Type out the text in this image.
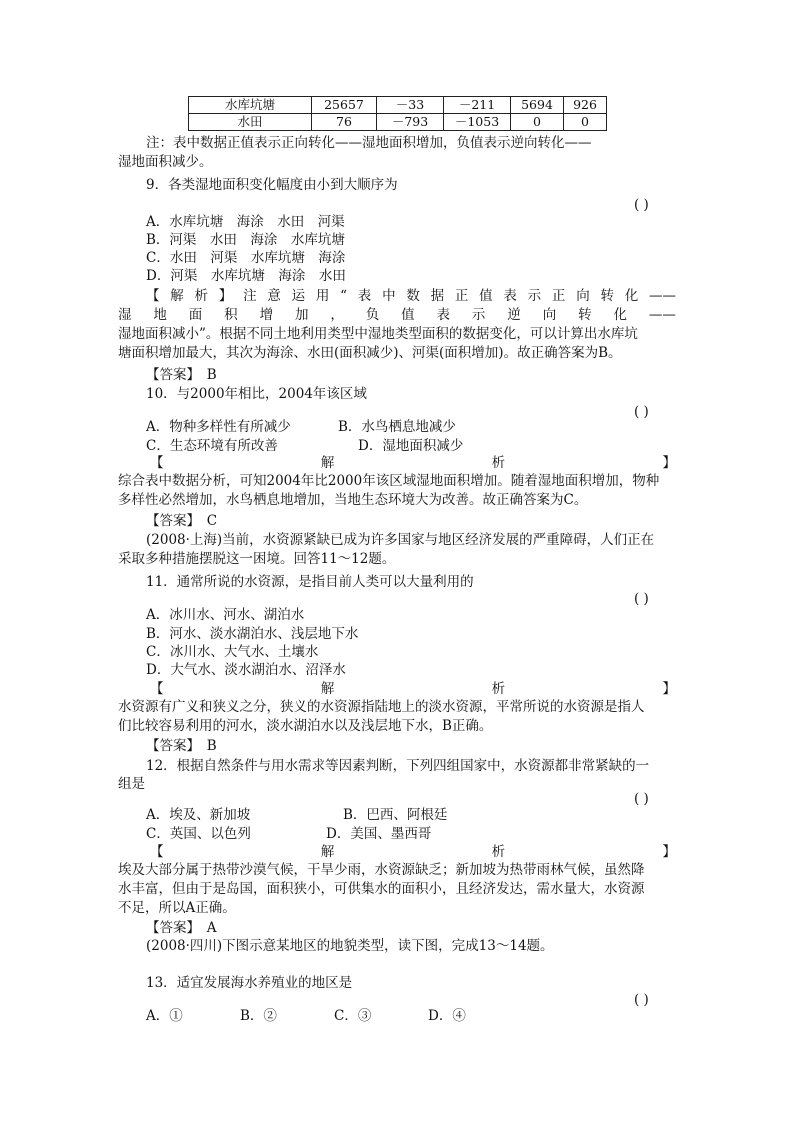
水库坑塘	25657	－33	－211	5694	926
水田	76	－793	－1053	0	0
注：表中数据正值表示正向转化——湿地面积增加，负值表示逆向转化——
湿地面积减少。
9．各类湿地面积变化幅度由小到大顺序为
( )
A．水库坑塘　海涂　水田　河渠
B．河渠　水田　海涂　水库坑塘
C．水田　河渠　水库坑塘　海涂
D．河渠　水库坑塘　海涂　水田
【 解 析 】 注 意 运 用 “ 表 中 数 据 正 值 表 示 正 向 转 化 ——
湿 地 面 积 增 加 ， 负 值 表 示 逆 向 转 化 ——
湿地面积减小”。根据不同土地利用类型中湿地类型面积的数据变化，可以计算出水库坑
塘面积增加最大，其次为海涂、水田(面积减少)、河渠(面积增加)。故正确答案为B。
【答案】　B
10．与2000年相比，2004年该区域
( )
A．物种多样性有所减少	B．水鸟栖息地减少
C．生态环境有所改善	D．湿地面积减少
【	解	析	】
综合表中数据分析，可知2004年比2000年该区域湿地面积增加。随着湿地面积增加，物种
多样性必然增加，水鸟栖息地增加，当地生态环境大为改善。故正确答案为C。
【答案】　C
(2008·上海)当前，水资源紧缺已成为许多国家与地区经济发展的严重障碍，人们正在
采取多种措施摆脱这一困境。回答11～12题。
11．通常所说的水资源，是指目前人类可以大量利用的
( )
A．冰川水、河水、湖泊水
B．河水、淡水湖泊水、浅层地下水
C．冰川水、大气水、土壤水
D．大气水、淡水湖泊水、沼泽水
【	解	析	】
水资源有广义和狭义之分，狭义的水资源指陆地上的淡水资源，平常所说的水资源是指人
们比较容易利用的河水，淡水湖泊水以及浅层地下水，B正确。
【答案】　B
12．根据自然条件与用水需求等因素判断，下列四组国家中，水资源都非常紧缺的一
组是
( )
A．埃及、新加坡	B．巴西、阿根廷
C．英国、以色列	D．美国、墨西哥
【	解	析	】
埃及大部分属于热带沙漠气候，干旱少雨，水资源缺乏；新加坡为热带雨林气候，虽然降
水丰富，但由于是岛国，面积狭小，可供集水的面积小，且经济发达，需水量大，水资源
不足，所以A正确。
【答案】　A
(2008·四川)下图示意某地区的地貌类型，读下图，完成13～14题。
13．适宜发展海水养殖业的地区是
( )
A．①	B．②	C．③	D．④
